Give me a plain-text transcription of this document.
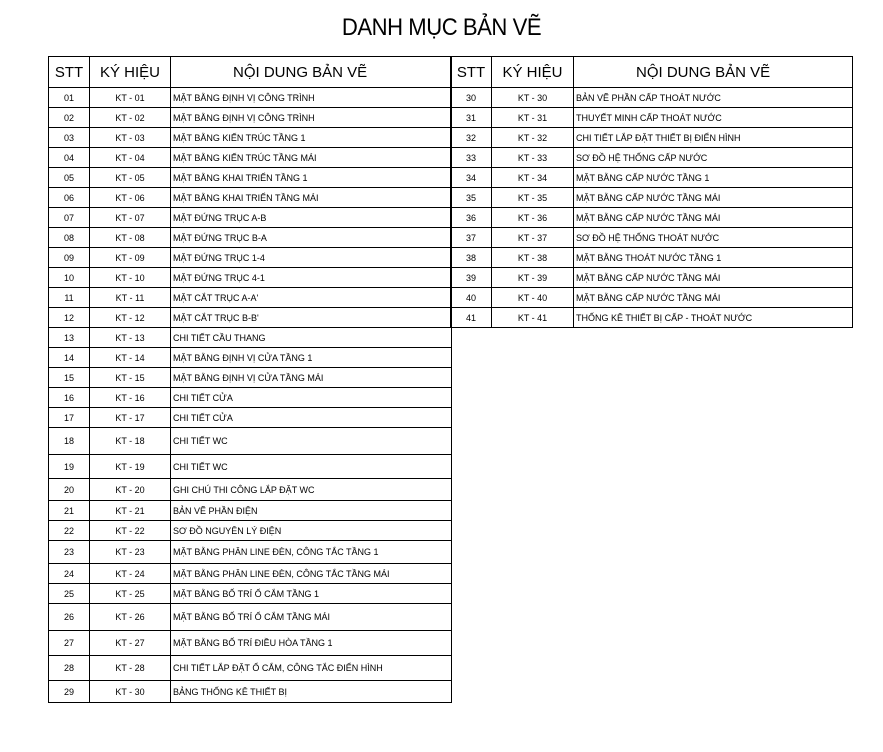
DANH MỤC BẢN VẼ
STT	KÝ HIỆU	NỘI DUNG BẢN VẼ
01	KT - 01	MẶT BẰNG ĐỊNH VỊ CÔNG TRÌNH
02	KT - 02	MẶT BẰNG ĐỊNH VỊ CÔNG TRÌNH
03	KT - 03	MẶT BẰNG KIẾN TRÚC TẦNG 1
04	KT - 04	MẶT BẰNG KIẾN TRÚC TẦNG MÁI
05	KT - 05	MẶT BẰNG KHAI TRIỂN TẦNG 1
06	KT - 06	MẶT BẰNG KHAI TRIỂN TẦNG MÁI
07	KT - 07	MẶT ĐỨNG TRỤC A-B
08	KT - 08	MẶT ĐỨNG TRỤC B-A
09	KT - 09	MẶT ĐỨNG TRỤC 1-4
10	KT - 10	MẶT ĐỨNG TRỤC 4-1
11	KT - 11	MẶT CẮT TRỤC A-A'
12	KT - 12	MẶT CẮT TRỤC B-B'
13	KT - 13	CHI TIẾT CẦU THANG
14	KT - 14	MẶT BẰNG ĐỊNH VỊ CỬA TẦNG 1
15	KT - 15	MẶT BẰNG ĐỊNH VỊ CỬA TẦNG MÁI
16	KT - 16	CHI TIẾT CỬA
17	KT - 17	CHI TIẾT CỬA
18	KT - 18	CHI TIẾT WC
19	KT - 19	CHI TIẾT WC
20	KT - 20	GHI CHÚ THI CÔNG LẮP ĐẶT WC
21	KT - 21	BẢN VẼ PHẦN ĐIỆN
22	KT - 22	SƠ ĐỒ NGUYÊN LÝ ĐIỆN
23	KT - 23	MẶT BẰNG PHÂN LINE ĐÈN, CÔNG TẮC TẦNG 1
24	KT - 24	MẶT BẰNG PHÂN LINE ĐÈN, CÔNG TẮC TẦNG MÁI
25	KT - 25	MẶT BẰNG BỐ TRÍ Ổ CẮM TẦNG 1
26	KT - 26	MẶT BẰNG BỐ TRÍ Ổ CẮM TẦNG MÁI
27	KT - 27	MẶT BẰNG BỐ TRÍ ĐIỀU HÒA TẦNG 1
28	KT - 28	CHI TIẾT LẮP ĐẶT Ổ CẮM, CÔNG TẮC ĐIỂN HÌNH
29	KT - 30	BẢNG THỐNG KÊ THIẾT BỊ
STT	KÝ HIỆU	NỘI DUNG BẢN VẼ
30	KT - 30	BẢN VẼ PHẦN CẤP THOÁT NƯỚC
31	KT - 31	THUYẾT MINH CẤP THOÁT NƯỚC
32	KT - 32	CHI TIẾT LẮP ĐẶT THIẾT BỊ ĐIỂN HÌNH
33	KT - 33	SƠ ĐỒ HỆ THỐNG CẤP NƯỚC
34	KT - 34	MẶT BẰNG CẤP NƯỚC TẦNG 1
35	KT - 35	MẶT BẰNG CẤP NƯỚC TẦNG MÁI
36	KT - 36	MẶT BẰNG CẤP NƯỚC TẦNG MÁI
37	KT - 37	SƠ ĐỒ HỆ THỐNG THOÁT NƯỚC
38	KT - 38	MẶT BẰNG THOÁT NƯỚC TẦNG 1
39	KT - 39	MẶT BẰNG CẤP NƯỚC TẦNG MÁI
40	KT - 40	MẶT BẰNG CẤP NƯỚC TẦNG MÁI
41	KT - 41	THỐNG KÊ THIẾT BỊ CẤP - THOÁT NƯỚC
